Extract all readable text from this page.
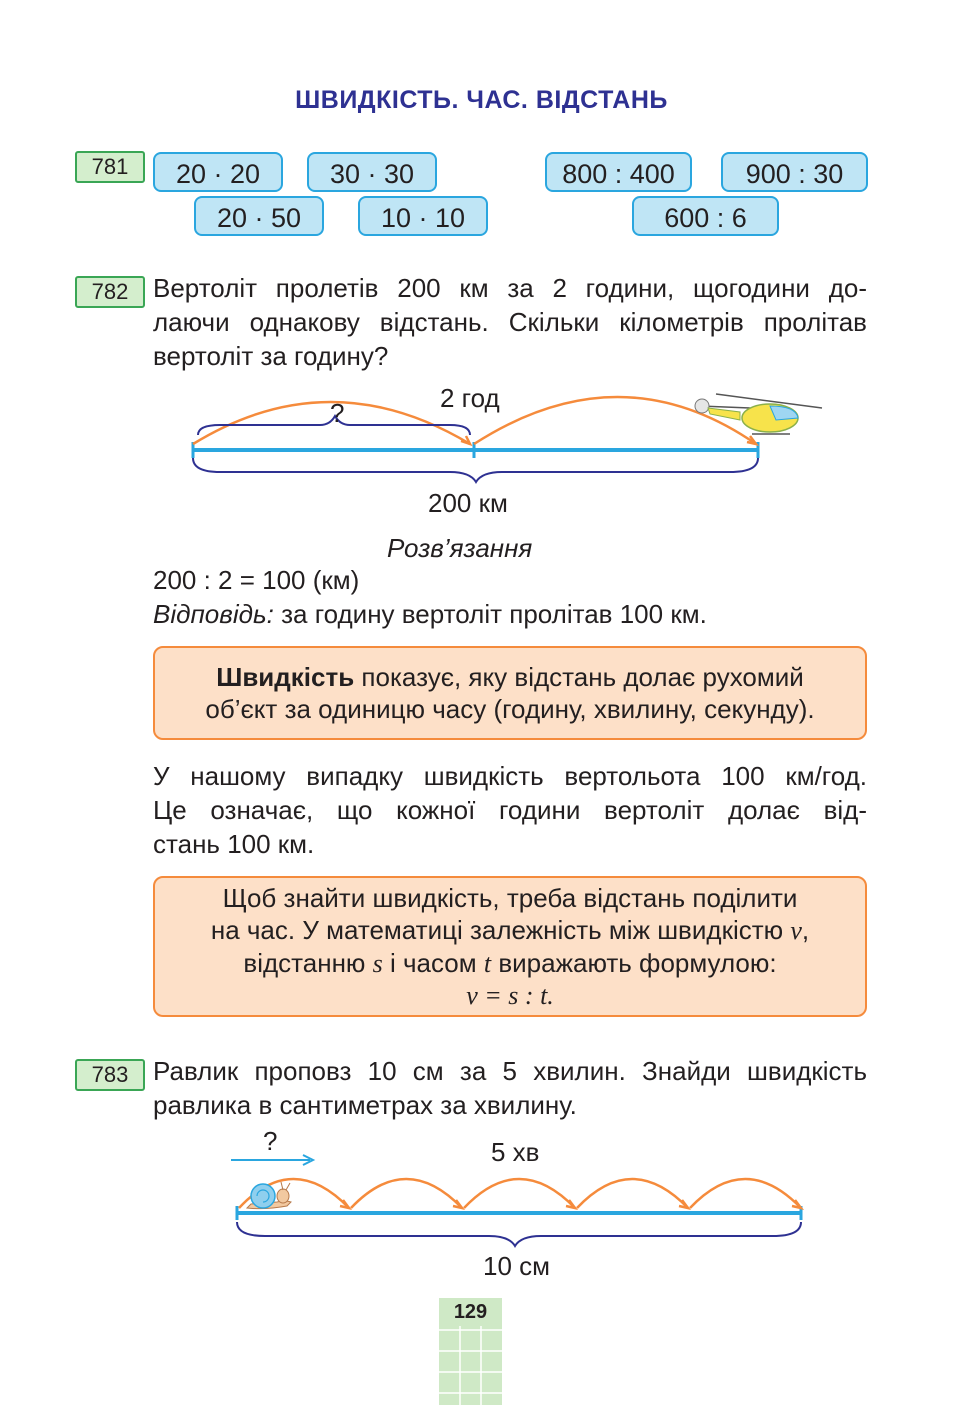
ШВИДКІСТЬ. ЧАС. ВІДСТАНЬ
781	20 · 20	30 · 30
20 · 50	10 · 10
800 : 400	900 : 30
600 : 6
782 Вертоліт пролетів 200 км за 2 години, щогодини до-
лаючи однакову відстань. Скільки кілометрів пролітав
вертоліт за годину?
?	2 год
200 км
Розв’язання
200 : 2 = 100 (км)
Відповідь: за годину вертоліт пролітав 100 км.
Швидкість показує, яку відстань долає рухомий
об’єкт за одиницю часу (годину, хвилину, секунду).
У нашому випадку швидкість вертольота 100 км/год.
Це означає, що кожної години вертоліт долає від-
стань 100 км.
Щоб знайти швидкість, треба відстань поділити
на час. У математиці залежність між швидкістю v,
відстанню s і часом t виражають формулою:
v = s : t.
783 Равлик проповз 10 см за 5 хвилин. Знайди швидкість
равлика в сантиметрах за хвилину.
?	5 хв
10 см
129
